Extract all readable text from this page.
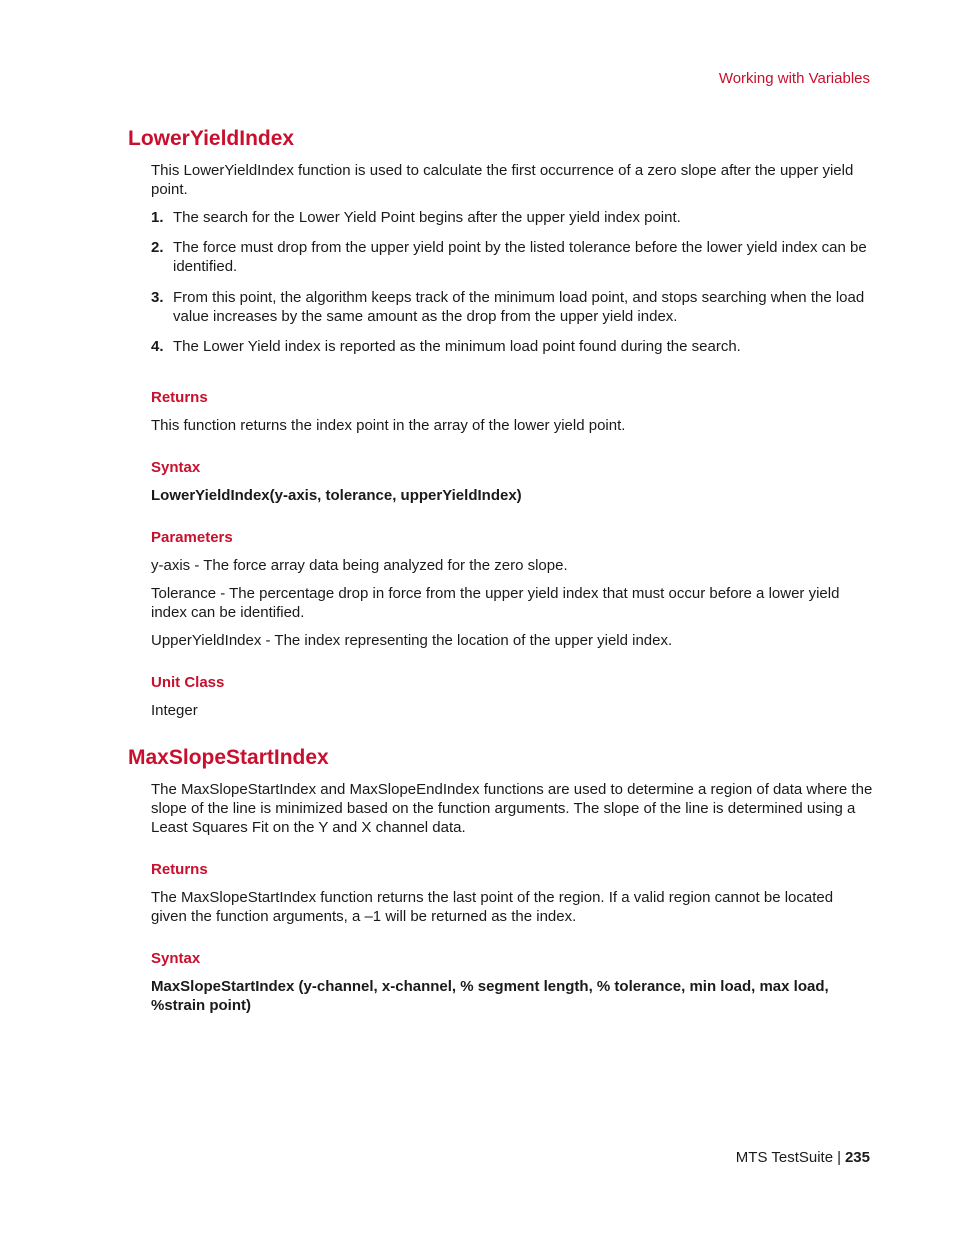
Working with Variables
LowerYieldIndex

This LowerYieldIndex function is used to calculate the first occurrence of a zero slope after the upper yield point.

1. The search for the Lower Yield Point begins after the upper yield index point.
2. The force must drop from the upper yield point by the listed tolerance before the lower yield index can be identified.
3. From this point, the algorithm keeps track of the minimum load point, and stops searching when the load value increases by the same amount as the drop from the upper yield index.
4. The Lower Yield index is reported as the minimum load point found during the search.
Returns

This function returns the index point in the array of the lower yield point.

Syntax

LowerYieldIndex(y-axis, tolerance, upperYieldIndex)

Parameters

y-axis - The force array data being analyzed for the zero slope.

Tolerance - The percentage drop in force from the upper yield index that must occur before a lower yield index can be identified.

UpperYieldIndex - The index representing the location of the upper yield index.

Unit Class

Integer

MaxSlopeStartIndex

The MaxSlopeStartIndex and MaxSlopeEndIndex functions are used to determine a region of data where the slope of the line is minimized based on the function arguments. The slope of the line is determined using a Least Squares Fit on the Y and X channel data.

Returns

The MaxSlopeStartIndex function returns the last point of the region. If a valid region cannot be located given the function arguments, a –1 will be returned as the index.

Syntax

MaxSlopeStartIndex (y-channel, x-channel, % segment length, % tolerance, min load, max load, %strain point)

MTS TestSuite | 235
